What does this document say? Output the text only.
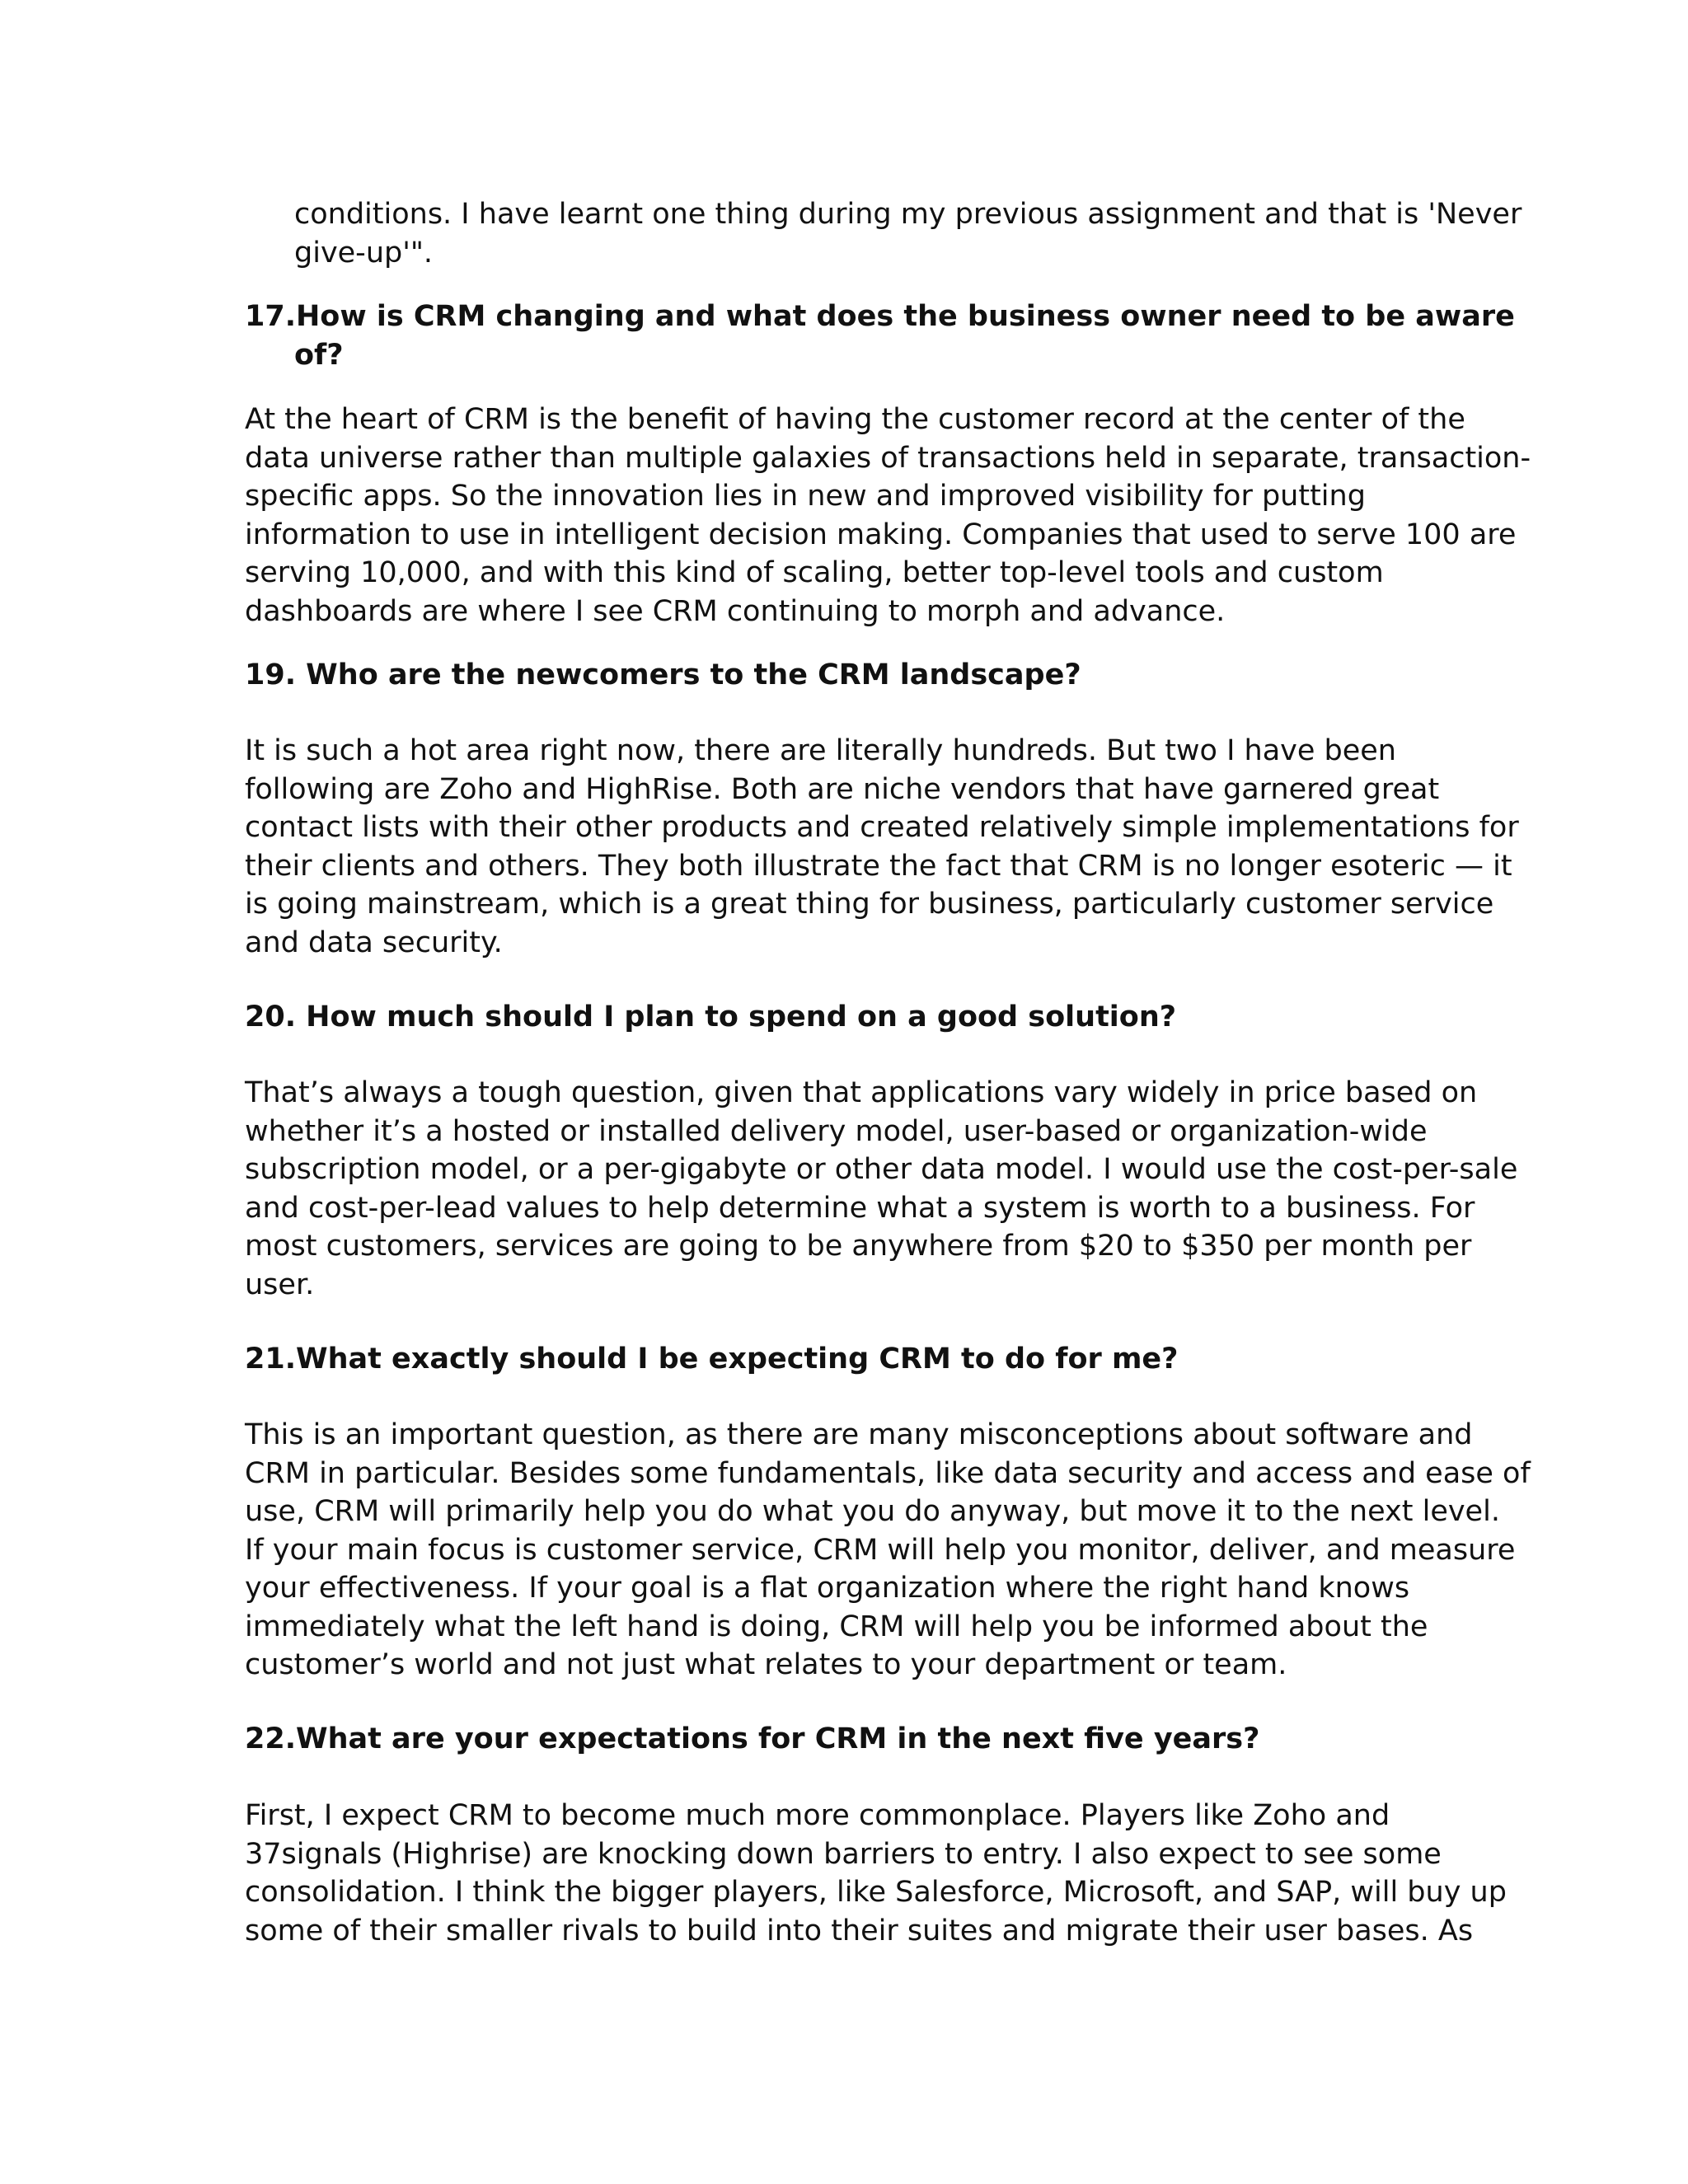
conditions. I have learnt one thing during my previous assignment and that is 'Never
give-up'".

17.How is CRM changing and what does the business owner need to be aware
of?

At the heart of CRM is the benefit of having the customer record at the center of the
data universe rather than multiple galaxies of transactions held in separate, transaction-
specific apps. So the innovation lies in new and improved visibility for putting
information to use in intelligent decision making. Companies that used to serve 100 are
serving 10,000, and with this kind of scaling, better top-level tools and custom
dashboards are where I see CRM continuing to morph and advance.

19. Who are the newcomers to the CRM landscape?

It is such a hot area right now, there are literally hundreds. But two I have been
following are Zoho and HighRise. Both are niche vendors that have garnered great
contact lists with their other products and created relatively simple implementations for
their clients and others. They both illustrate the fact that CRM is no longer esoteric — it
is going mainstream, which is a great thing for business, particularly customer service
and data security.

20. How much should I plan to spend on a good solution?

That’s always a tough question, given that applications vary widely in price based on
whether it’s a hosted or installed delivery model, user-based or organization-wide
subscription model, or a per-gigabyte or other data model. I would use the cost-per-sale
and cost-per-lead values to help determine what a system is worth to a business. For
most customers, services are going to be anywhere from $20 to $350 per month per
user.

21.What exactly should I be expecting CRM to do for me?

This is an important question, as there are many misconceptions about software and
CRM in particular. Besides some fundamentals, like data security and access and ease of
use, CRM will primarily help you do what you do anyway, but move it to the next level.
If your main focus is customer service, CRM will help you monitor, deliver, and measure
your effectiveness. If your goal is a flat organization where the right hand knows
immediately what the left hand is doing, CRM will help you be informed about the
customer’s world and not just what relates to your department or team.

22.What are your expectations for CRM in the next five years?

First, I expect CRM to become much more commonplace. Players like Zoho and
37signals (Highrise) are knocking down barriers to entry. I also expect to see some
consolidation. I think the bigger players, like Salesforce, Microsoft, and SAP, will buy up
some of their smaller rivals to build into their suites and migrate their user bases. As
